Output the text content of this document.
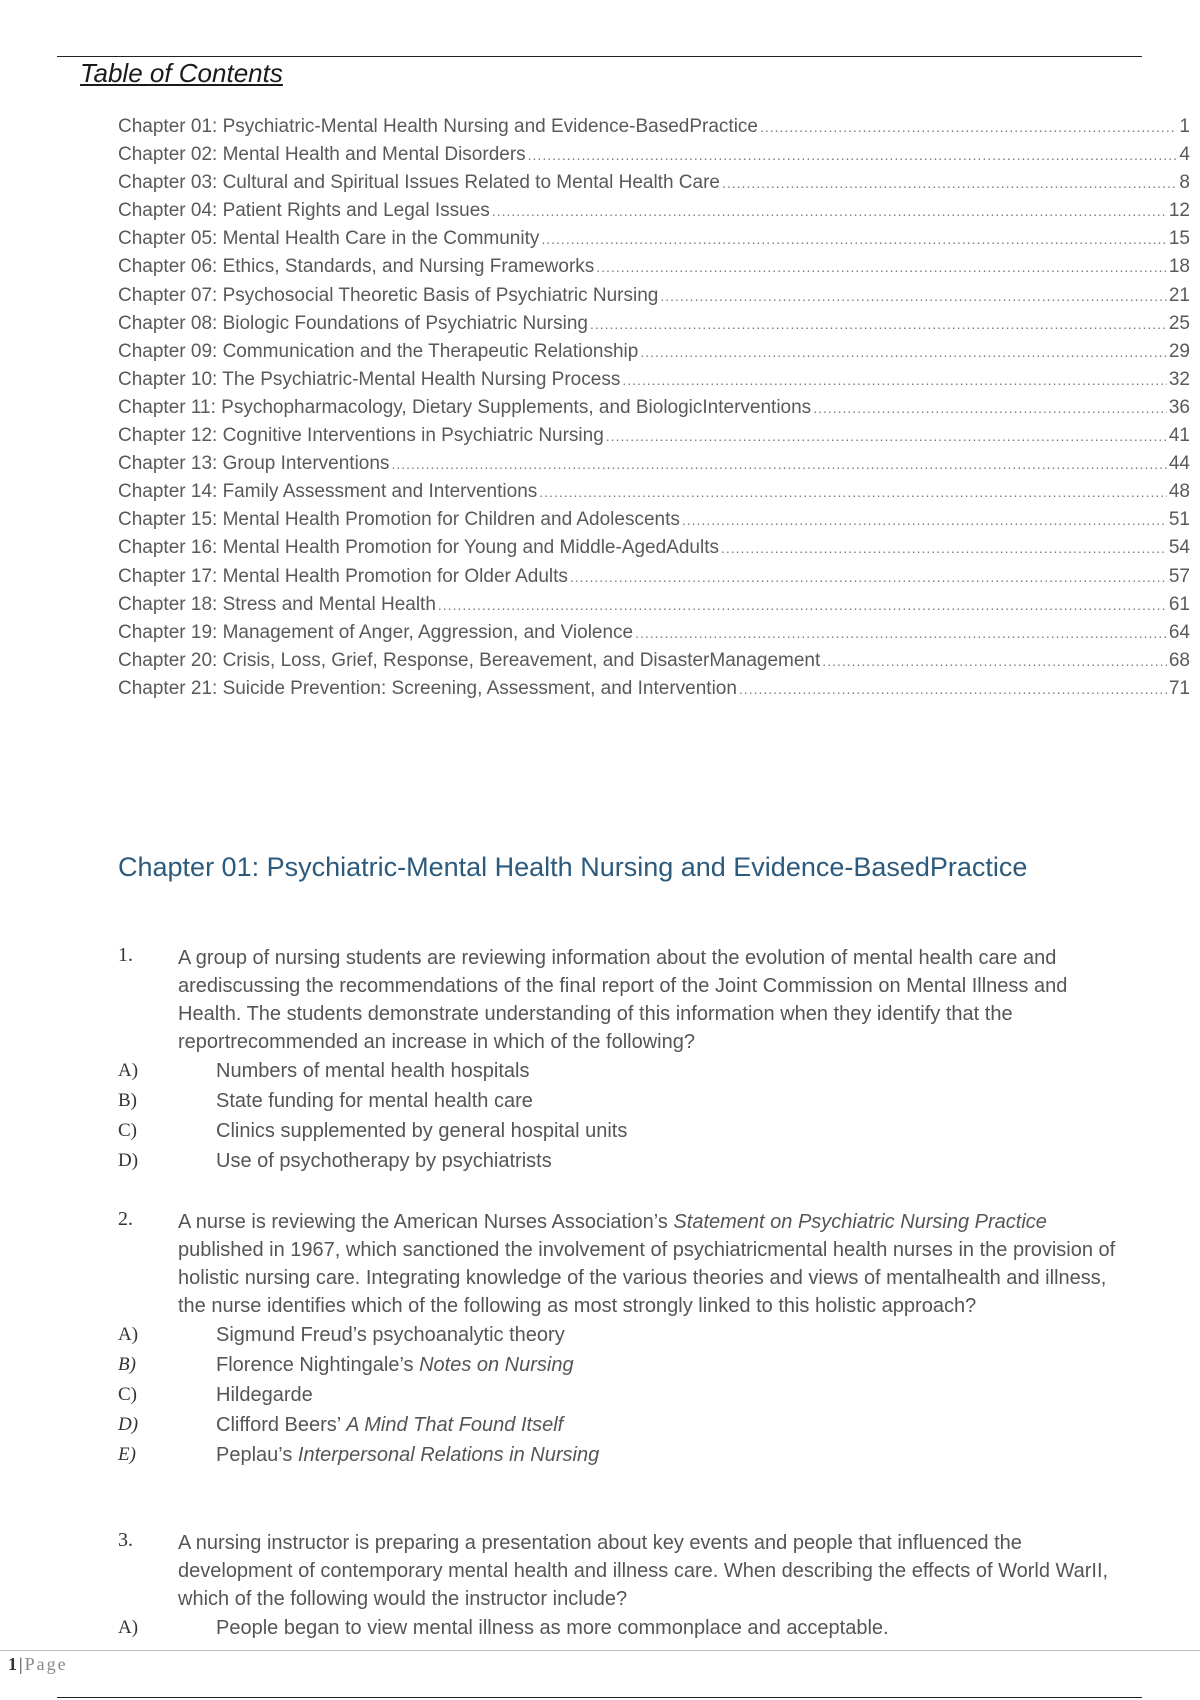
Table of Contents
Chapter 01: Psychiatric-Mental Health Nursing and Evidence-BasedPractice .....	1
Chapter 02: Mental Health and Mental Disorders .....	4
Chapter 03: Cultural and Spiritual Issues Related to Mental Health Care .....	8
Chapter 04: Patient Rights and Legal Issues .....	12
Chapter 05: Mental Health Care in the Community .....	15
Chapter 06: Ethics, Standards, and Nursing Frameworks .....	18
Chapter 07: Psychosocial Theoretic Basis of Psychiatric Nursing .....	21
Chapter 08: Biologic Foundations of Psychiatric Nursing .....	25
Chapter 09: Communication and the Therapeutic Relationship .....	29
Chapter 10: The Psychiatric-Mental Health Nursing Process .....	32
Chapter 11: Psychopharmacology, Dietary Supplements, and BiologicInterventions .....	36
Chapter 12: Cognitive Interventions in Psychiatric Nursing .....	41
Chapter 13: Group Interventions .....	44
Chapter 14: Family Assessment and Interventions .....	48
Chapter 15: Mental Health Promotion for Children and Adolescents .....	51
Chapter 16: Mental Health Promotion for Young and Middle-AgedAdults .....	54
Chapter 17: Mental Health Promotion for Older Adults .....	57
Chapter 18: Stress and Mental Health .....	61
Chapter 19: Management of Anger, Aggression, and Violence .....	64
Chapter 20: Crisis, Loss, Grief, Response, Bereavement, and DisasterManagement .....	68
Chapter 21: Suicide Prevention: Screening, Assessment, and Intervention .....	71
Chapter 01: Psychiatric-Mental Health Nursing and Evidence-BasedPractice
1.	A group of nursing students are reviewing information about the evolution of mental health care and arediscussing the recommendations of the final report of the Joint Commission on Mental Illness and Health. The students demonstrate understanding of this information when they identify that the reportrecommended an increase in which of the following?
A)	Numbers of mental health hospitals
B)	State funding for mental health care
C)	Clinics supplemented by general hospital units
D)	Use of psychotherapy by psychiatrists
2.	A nurse is reviewing the American Nurses Association’s Statement on Psychiatric Nursing Practice published in 1967, which sanctioned the involvement of psychiatricmental health nurses in the provision of holistic nursing care. Integrating knowledge of the various theories and views of mentalhealth and illness, the nurse identifies which of the following as most strongly linked to this holistic approach?
A)	Sigmund Freud’s psychoanalytic theory
B)	Florence Nightingale’s Notes on Nursing
C)	Hildegarde
D)	Clifford Beers’ A Mind That Found Itself
E)	Peplau’s Interpersonal Relations in Nursing
3.	A nursing instructor is preparing a presentation about key events and people that influenced the development of contemporary mental health and illness care. When describing the effects of World WarII, which of the following would the instructor include?
A)	People began to view mental illness as more commonplace and acceptable.
1 | Page
